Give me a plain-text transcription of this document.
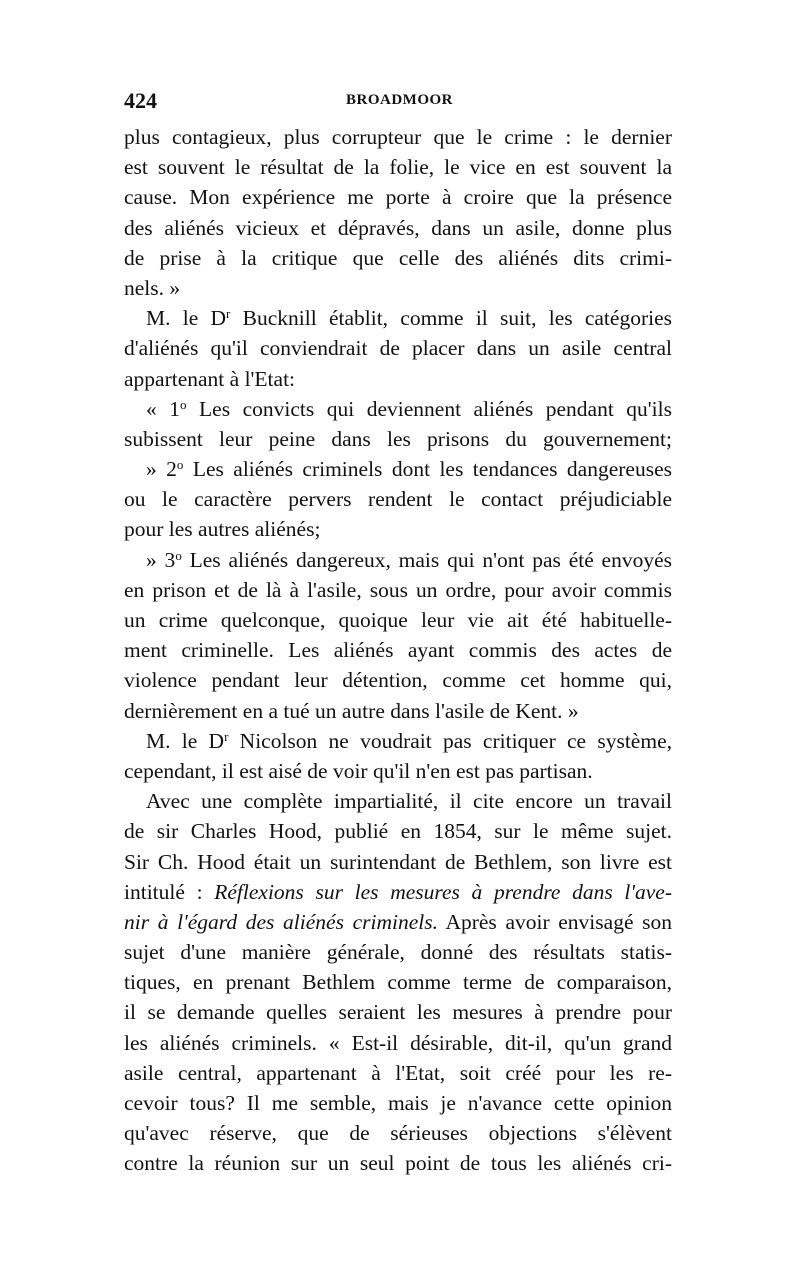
424	BROADMOOR
plus contagieux, plus corrupteur que le crime : le dernier
est souvent le résultat de la folie, le vice en est souvent la
cause. Mon expérience me porte à croire que la présence
des aliénés vicieux et dépravés, dans un asile, donne plus
de prise à la critique que celle des aliénés dits crimi-
nels. »
M. le $D^r$ Bucknill établit, comme il suit, les catégories
d'aliénés qu'il conviendrait de placer dans un asile central
appartenant à l'Etat:
« 1$^o$ Les convicts qui deviennent aliénés pendant qu'ils
subissent leur peine dans les prisons du gouvernement;
» 2$^o$ Les aliénés criminels dont les tendances dangereuses
ou le caractère pervers rendent le contact préjudiciable
pour les autres aliénés;
» 3$^o$ Les aliénés dangereux, mais qui n'ont pas été envoyés
en prison et de là à l'asile, sous un ordre, pour avoir commis
un crime quelconque, quoique leur vie ait été habituelle-
ment criminelle. Les aliénés ayant commis des actes de
violence pendant leur détention, comme cet homme qui,
dernièrement en a tué un autre dans l'asile de Kent. »
M. le $D^r$ Nicolson ne voudrait pas critiquer ce système,
cependant, il est aisé de voir qu'il n'en est pas partisan.
Avec une complète impartialité, il cite encore un travail
de sir Charles Hood, publié en 1854, sur le même sujet.
Sir Ch. Hood était un surintendant de Bethlem, son livre est
intitulé : Réflexions sur les mesures à prendre dans l'ave-
nir à l'égard des aliénés criminels. Après avoir envisagé son
sujet d'une manière générale, donné des résultats statis-
tiques, en prenant Bethlem comme terme de comparaison,
il se demande quelles seraient les mesures à prendre pour
les aliénés criminels. « Est-il désirable, dit-il, qu'un grand
asile central, appartenant à l'Etat, soit créé pour les re-
cevoir tous? Il me semble, mais je n'avance cette opinion
qu'avec réserve, que de sérieuses objections s'élèvent
contre la réunion sur un seul point de tous les aliénés cri-
